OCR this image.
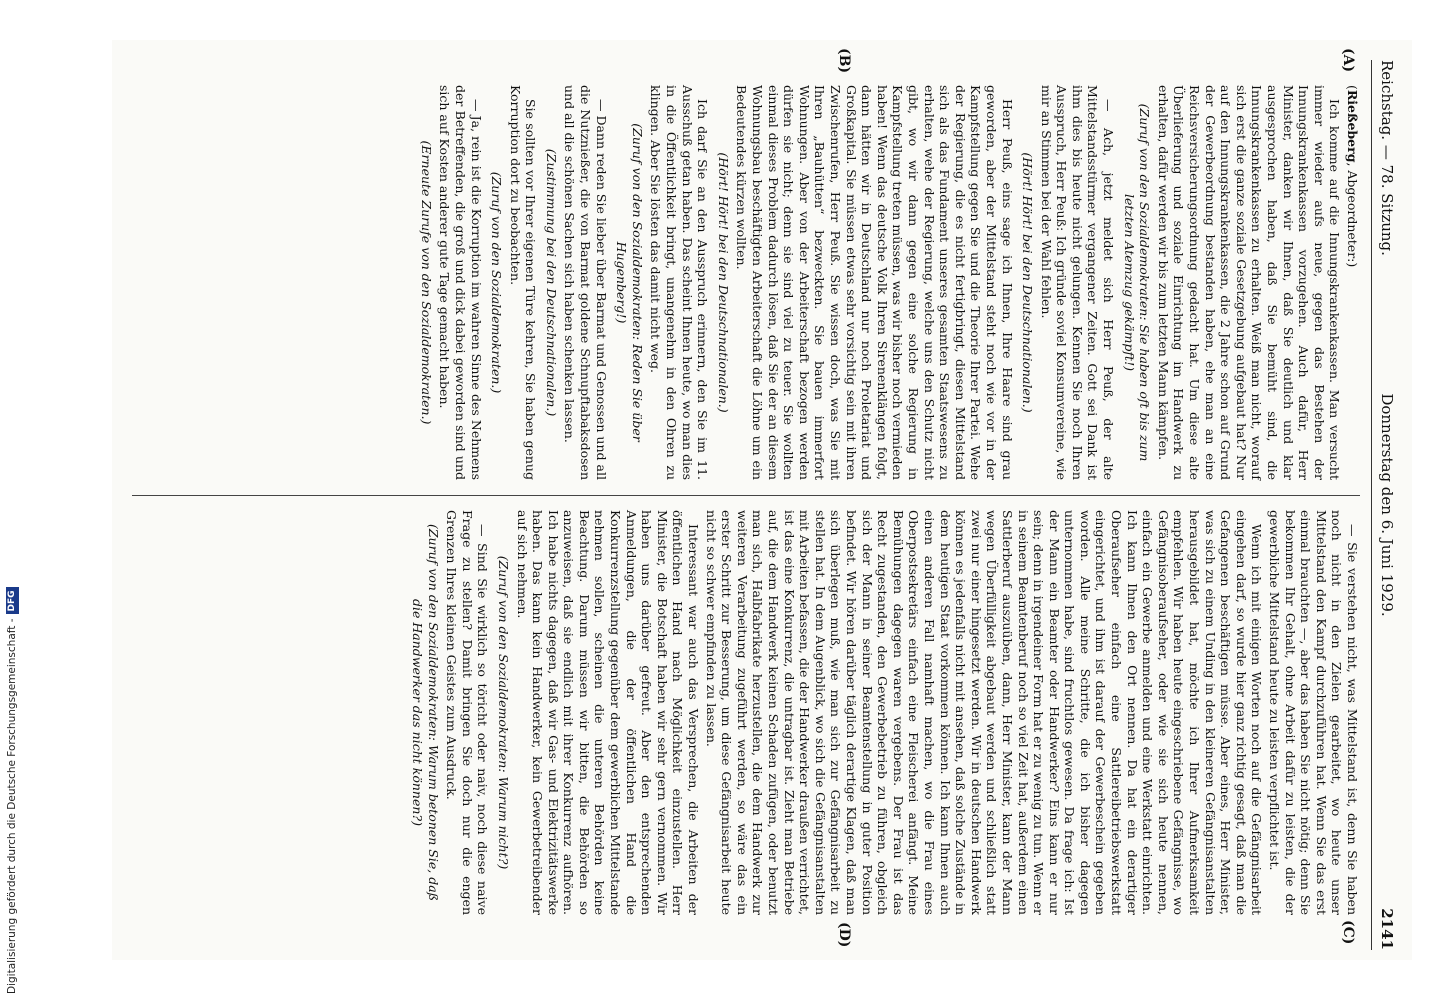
Reichstag. — 78. Sitzung.
Donnerstag den 6. Juni 1929.
2141
(A)
(B)
(C)
(D)

(Rießeberg, Abgeordneter:)

Ich komme auf die Innungskrankenkassen. Man versucht immer wieder aufs neue, gegen das Bestehen der Innungskrankenkassen vorzugehen. Auch dafür, Herr Minister, danken wir Ihnen, daß Sie deutlich und klar ausgesprochen haben, daß Sie bemüht sind, die Innungskrankenkassen zu erhalten. Weiß man nicht, worauf sich erst die ganze soziale Gesetzgebung aufgebaut hat? Nur auf den Innungskrankenkassen, die 2 Jahre schon auf Grund der Gewerbeordnung bestanden haben, ehe man an eine Reichsversicherungsordnung gedacht hat. Um diese alte Überlieferung und soziale Einrichtung im Handwerk zu erhalten, dafür werden wir bis zum letzten Mann kämpfen.

(Zuruf von den Sozialdemokraten: Sie haben oft bis zum letzten Atemzug gekämpft!)

— Ach, jetzt meldet sich Herr Peuß, der alte Mittelstandsstürmer vergangener Zeiten. Gott sei Dank ist ihm dies bis heute nicht gelungen. Kennen Sie noch Ihren Ausspruch, Herr Peuß: Ich gründe soviel Konsumvereine, wie mir an Stimmen bei der Wahl fehlen.

(Hört! Hört! bei den Deutschnationalen.)

Herr Peuß, eins sage ich Ihnen, Ihre Haare sind grau geworden, aber der Mittelstand steht noch wie vor in der Kampfstellung gegen Sie und die Theorie Ihrer Partei. Wehe der Regierung, die es nicht fertigbringt, diesen Mittelstand sich als das Fundament unseres gesamten Staatswesens zu erhalten, wehe der Regierung, welche uns den Schutz nicht gibt, wo wir dann gegen eine solche Regierung in Kampfstellung treten müssen, was wir bisher noch vermieden haben! Wenn das deutsche Volk Ihren Sirenenklängen folgt, dann hätten wir in Deutschland nur noch Proletariat und Großkapital. Sie müssen etwas sehr vorsichtig sein mit ihren Zwischenrufen, Herr Peuß. Sie wissen doch, was Sie mit Ihren „Bauhütten“ bezweckten. Sie bauen immerfort Wohnungen. Aber von der Arbeiterschaft bezogen werden dürfen sie nicht; denn sie sind viel zu teuer. Sie wollten einmal dieses Problem dadurch lösen, daß Sie der an diesem Wohnungsbau beschäftigten Arbeiterschaft die Löhne um ein Bedeutendes kürzen wollten.

(Hört! Hört! bei den Deutschnationalen.)

Ich darf Sie an den Ausspruch erinnern, den Sie im 11. Ausschuß getan haben. Das scheint Ihnen heute, wo man dies in die Öffentlichkeit bringt, unangenehm in den Ohren zu klingen. Aber Sie lösten das damit nicht weg.

(Zuruf von den Sozialdemokraten: Reden Sie über Hugenberg!)

— Dann reden Sie lieber über Barmat und Genossen und all die Nutznießer, die von Barmat goldene Schnupftabaksdosen und all die schönen Sachen sich haben schenken lassen.

(Zustimmung bei den Deutschnationalen.)

Sie sollten vor Ihrer eigenen Türe kehren, Sie haben genug Korruption dort zu beobachten.

(Zuruf von den Sozialdemokraten.)

— Ja, rein ist die Korruption im wahren Sinne des Nehmens der Betreffenden, die groß und dick dabei geworden sind und sich auf Kosten anderer gute Tage gemacht haben.

(Erneute Zurufe von den Sozialdemokraten.)

— Sie verstehen nicht, was Mittelstand ist, denn Sie haben noch nicht in den Zielen gearbeitet, wo heute unser Mittelstand den Kampf durchzuführen hat. Wenn Sie das erst einmal brauchten —, aber das haben Sie nicht nötig; denn Sie bekommen Ihr Gehalt, ohne Arbeit dafür zu leisten, die der gewerbliche Mittelstand heute zu leisten verpflichtet ist.

Wenn ich mit einigen Worten noch auf die Gefängnisarbeit eingehen darf, so wurde hier ganz richtig gesagt, daß man die Gefangenen beschäftigen müsse. Aber eines, Herr Minister, was sich zu einem Unding in den kleineren Gefängnisanstalten herausgebildet hat, möchte ich Ihrer Aufmerksamkeit empfehlen. Wir haben heute eingeschriebene Gefängnisse, wo Gefängnisoberaufseher, oder wie sie sich heute nennen, einfach ein Gewerbe anmelden und eine Werkstatt einrichten. Ich kann Ihnen den Ort nennen. Da hat ein derartiger Oberaufseher einfach eine Sattlereibetriebswerkstatt eingerichtet, und ihm ist darauf der Gewerbeschein gegeben worden. Alle meine Schritte, die ich bisher dagegen unternommen habe, sind fruchtlos gewesen. Da frage ich: Ist der Mann ein Beamter oder Handwerker? Eins kann er nur sein; denn in irgendeiner Form hat er zu wenig zu tun. Wenn er in seinem Beamtenberuf noch so viel Zeit hat, außerdem einen Sattlerberuf auszuüben, dann, Herr Minister, kann der Mann wegen Überfülligkeit abgebaut werden und schließlich statt zwei nur einer hingesetzt werden. Wir in deutschen Handwerk können es jedenfalls nicht mit ansehen, daß solche Zustände in dem heutigen Staat vorkommen können. Ich kann Ihnen auch einen anderen Fall namhaft machen, wo die Frau eines Oberpostsekretärs einfach eine Fleischerei anfängt. Meine Bemühungen dagegen waren vergebens. Der Frau ist das Recht zugestanden, den Gewerbebetrieb zu führen, obgleich sich der Mann in seiner Beamtenstellung in guter Position befindet. Wir hören darüber täglich derartige Klagen, daß man sich überlegen muß, wie man sich zur Gefängnisarbeit zu stellen hat. In dem Augenblick, wo sich die Gefängnisanstalten mit Arbeiten befassen, die der Handwerker draußen verrichtet, ist das eine Konkurrenz, die untragbar ist. Zieht man Betriebe auf, die dem Handwerk keinen Schaden zufügen, oder benutzt man sich, Halbfabrikate herzustellen, die dem Handwerk zur weiteren Verarbeitung zugeführt werden, so wäre das ein erster Schritt zur Besserung, um diese Gefängnisarbeit heute nicht so schwer empfinden zu lassen.

Interessant war auch das Versprechen, die Arbeiten der öffentlichen Hand nach Möglichkeit einzustellen. Herr Minister, die Botschaft haben wir sehr gern vernommen. Wir haben uns darüber gefreut. Aber den entsprechenden Anmeldungen, die der öffentlichen Hand die Konkurrenzstellung gegenüber dem gewerblichen Mittelstande nehmen sollen, scheinen die unteren Behörden keine Beachtung. Darum müssen wir bitten, die Behörden so anzuweisen, daß sie endlich mit ihrer Konkurrenz aufhören. Ich habe nichts dagegen, daß wir Gas- und Elektrizitätswerke haben. Das kann kein Handwerker, kein Gewerbetreibender auf sich nehmen.

(Zuruf von den Sozialdemokraten: Warum nicht?)

— Sind Sie wirklich so töricht oder naiv, noch diese naive Frage zu stellen? Damit bringen Sie doch nur die engen Grenzen Ihres kleinen Geistes zum Ausdruck.

(Zuruf von den Sozialdemokraten: Warum betonen Sie, daß die Handwerker das nicht können?)

Digitalisierung gefördert durch die Deutsche Forschungsgemeinschaft -DFG
